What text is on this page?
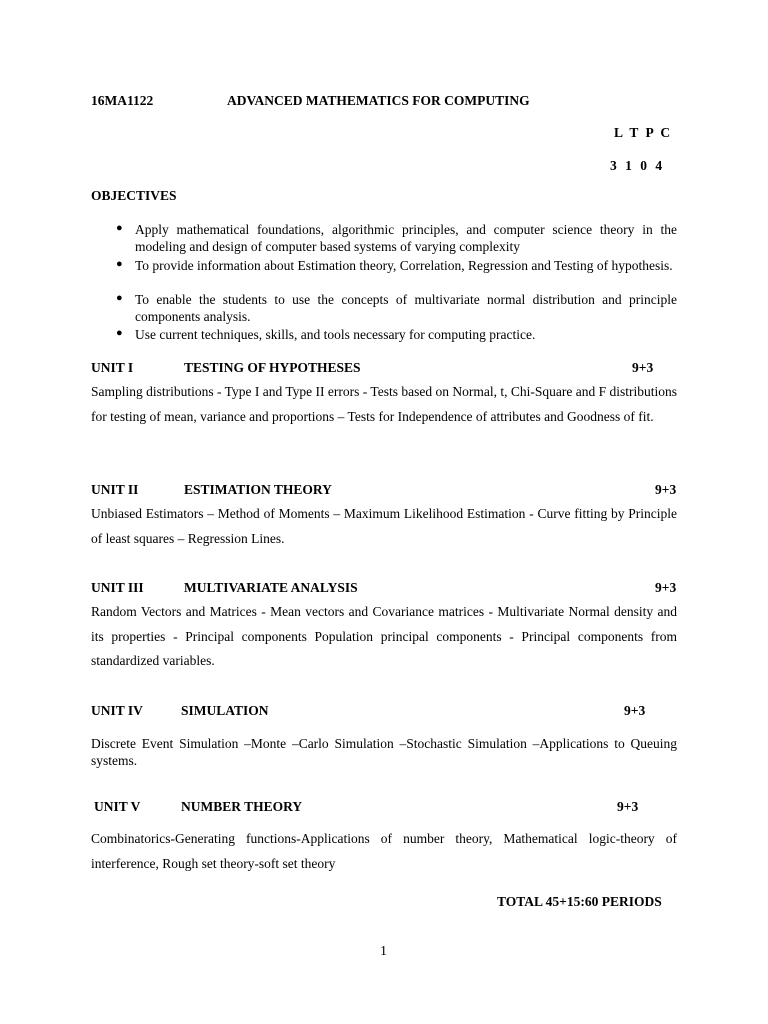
16MA1122	ADVANCED MATHEMATICS FOR COMPUTING
L T P C
3 1 0 4
OBJECTIVES
● Apply mathematical foundations, algorithmic principles, and computer science theory in the modeling and design of computer based systems of varying complexity
● To provide information about Estimation theory, Correlation, Regression and Testing of hypothesis.
● To enable the students to use the concepts of multivariate normal distribution and principle components analysis.
● Use current techniques, skills, and tools necessary for computing practice.
UNIT I	TESTING OF HYPOTHESES	9+3
Sampling distributions - Type I and Type II errors - Tests based on Normal, t, Chi-Square and F distributions for testing of mean, variance and proportions – Tests for Independence of attributes and Goodness of fit.
UNIT II	ESTIMATION THEORY	9+3
Unbiased Estimators – Method of Moments – Maximum Likelihood Estimation - Curve fitting by Principle of least squares – Regression Lines.
UNIT III	MULTIVARIATE ANALYSIS	9+3
Random Vectors and Matrices - Mean vectors and Covariance matrices - Multivariate Normal density and its properties - Principal components Population principal components - Principal components from standardized variables.
UNIT IV	SIMULATION	9+3
Discrete Event Simulation –Monte –Carlo Simulation –Stochastic Simulation –Applications to Queuing systems.
UNIT V	NUMBER THEORY	9+3
Combinatorics-Generating functions-Applications of number theory, Mathematical logic-theory of interference, Rough set theory-soft set theory
TOTAL 45+15:60 PERIODS
1
